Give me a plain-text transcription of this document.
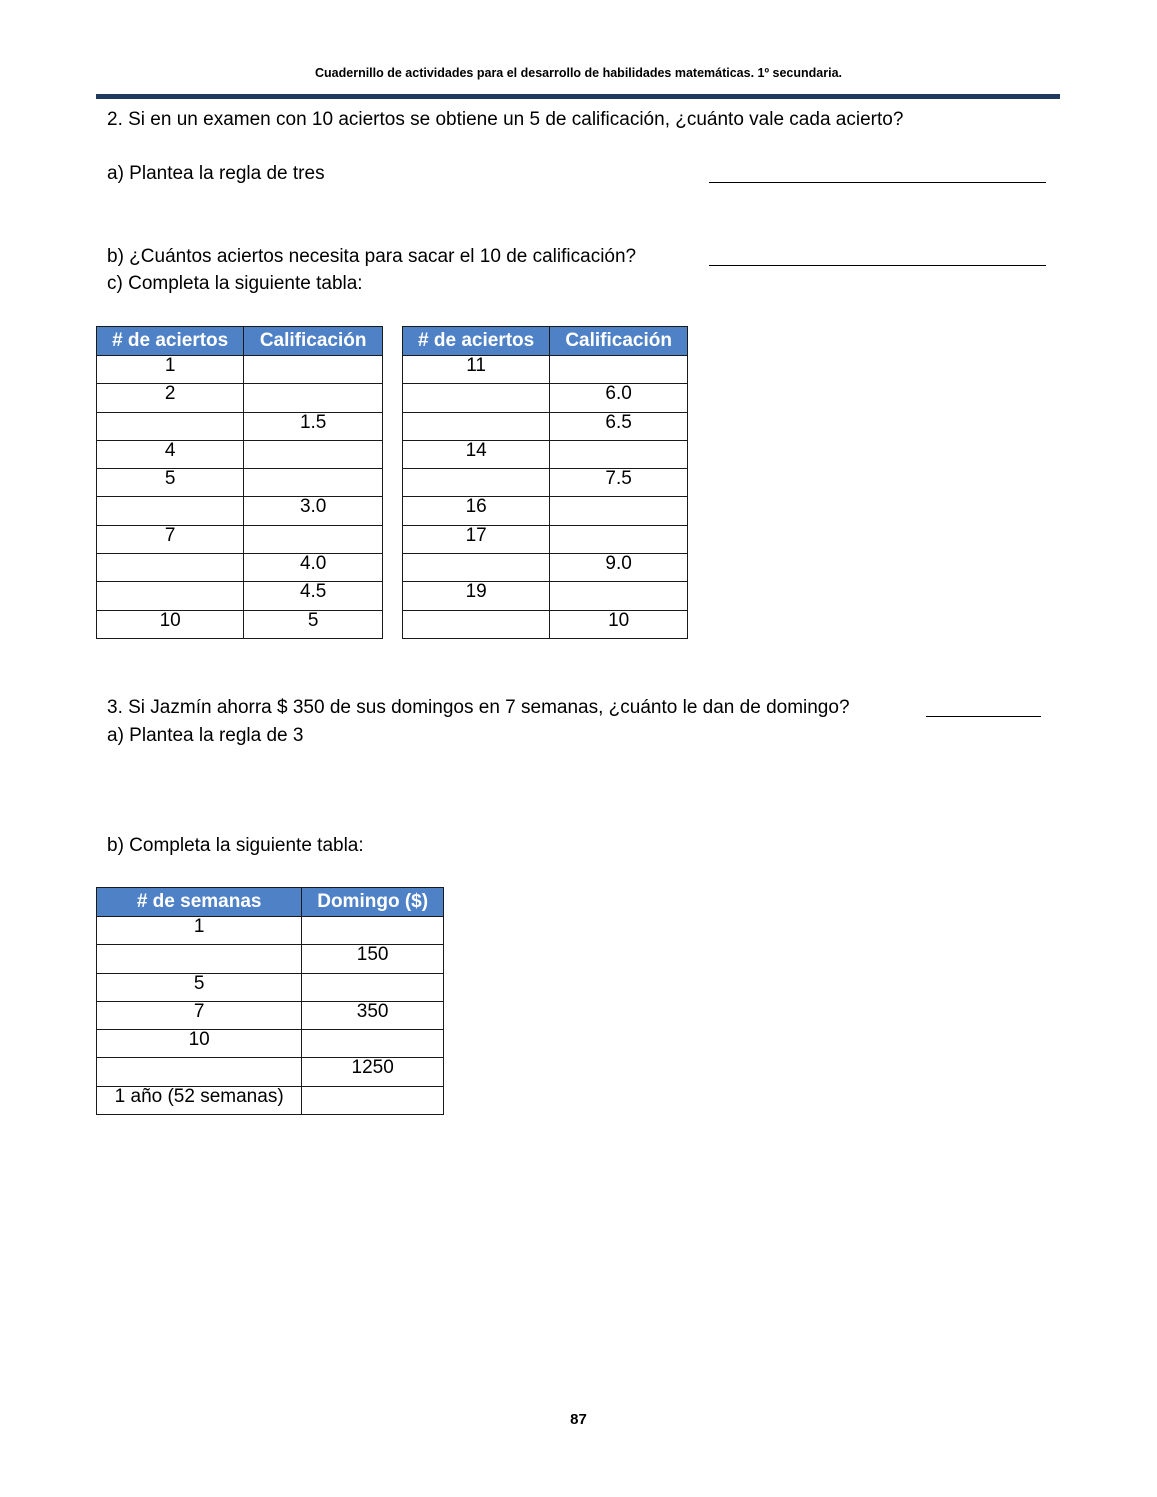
Cuadernillo de actividades para el desarrollo de habilidades matemáticas. 1º secundaria.
2. Si en un examen con 10 aciertos se obtiene un 5 de calificación, ¿cuánto vale cada acierto?
a) Plantea la regla de tres
b) ¿Cuántos aciertos necesita para sacar el 10 de calificación?
c) Completa la siguiente tabla:
# de aciertos	Calificación
1	
2	
	1.5
4	
5	
	3.0
7	
	4.0
	4.5
10	5
# de aciertos	Calificación
11	
	6.0
	6.5
14	
	7.5
16	
17	
	9.0
19	
	10
3. Si Jazmín ahorra $ 350 de sus domingos en 7 semanas, ¿cuánto le dan de domingo?
a) Plantea la regla de 3
b) Completa la siguiente tabla:
# de semanas	Domingo ($)
1	
	150
5	
7	350
10	
	1250
1 año (52 semanas)	
87
